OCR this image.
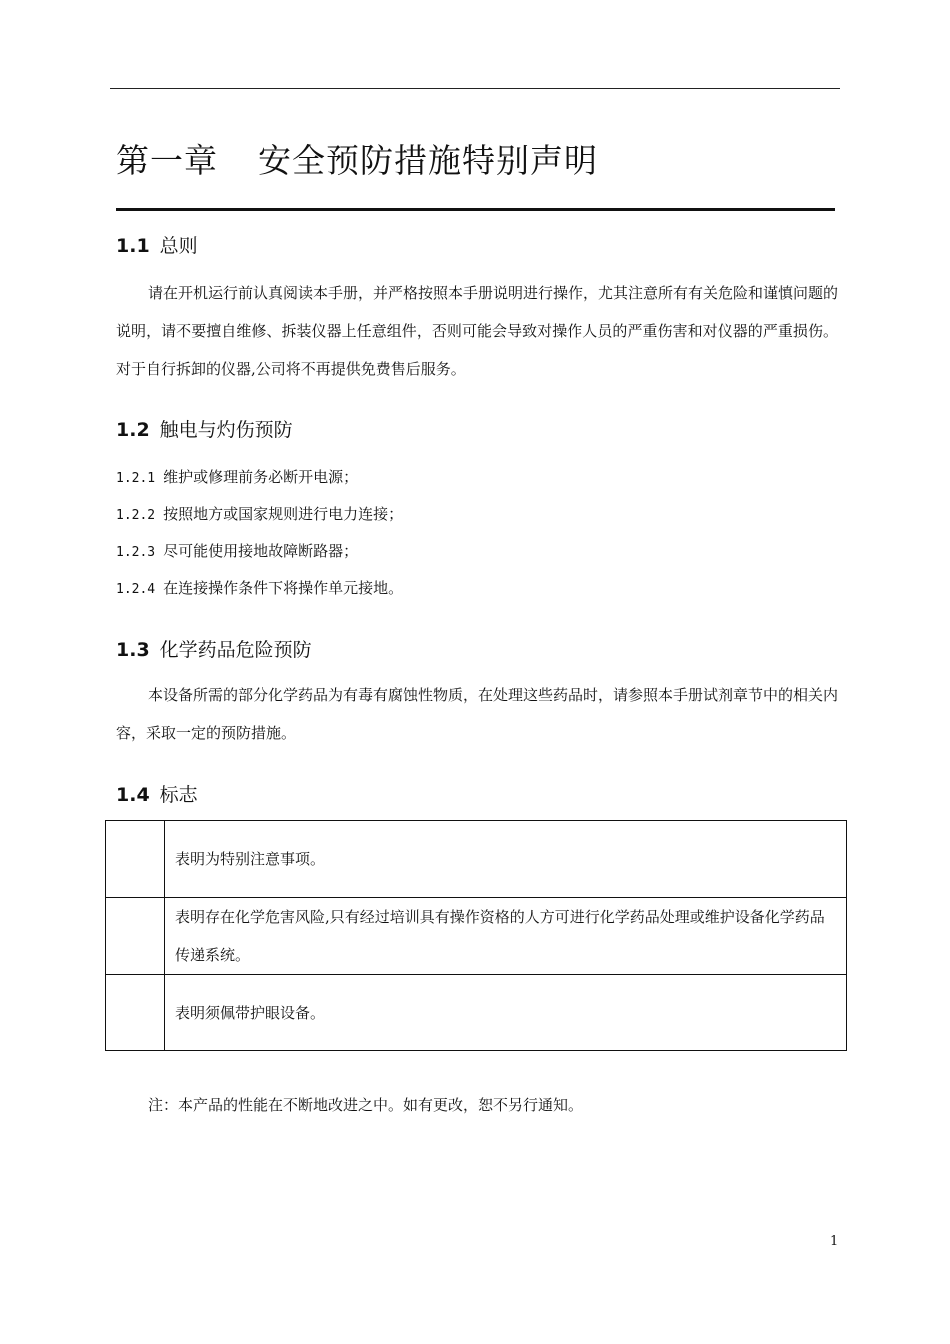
第一章 安全预防措施特别声明
1.1 总则
请在开机运行前认真阅读本手册，并严格按照本手册说明进行操作，尤其注意所有有关危险和谨慎问题的说明，请不要擅自维修、拆装仪器上任意组件，否则可能会导致对操作人员的严重伤害和对仪器的严重损伤。对于自行拆卸的仪器,公司将不再提供免费售后服务。
1.2 触电与灼伤预防
1.2.1 维护或修理前务必断开电源；
1.2.2 按照地方或国家规则进行电力连接；
1.2.3 尽可能使用接地故障断路器；
1.2.4 在连接操作条件下将操作单元接地。
1.3 化学药品危险预防
本设备所需的部分化学药品为有毒有腐蚀性物质，在处理这些药品时，请参照本手册试剂章节中的相关内容，采取一定的预防措施。
1.4 标志
	表明为特别注意事项。
	表明存在化学危害风险,只有经过培训具有操作资格的人方可进行化学药品处理或维护设备化学药品传递系统。
	表明须佩带护眼设备。
注：本产品的性能在不断地改进之中。如有更改，恕不另行通知。
1
